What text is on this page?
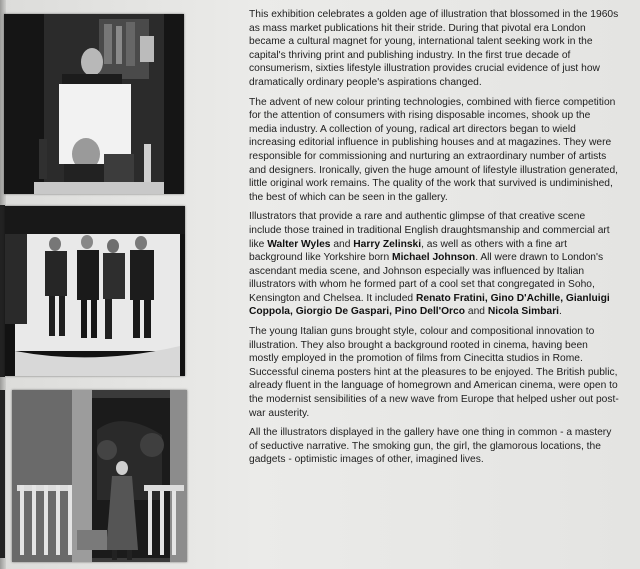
This exhibition celebrates a golden age of illustration that blossomed in the 1960s as mass market publications hit their stride. During that pivotal era London became a cultural magnet for young, international talent seeking work in the capital's thriving print and publishing industry. In the first true decade of consumerism, sixties lifestyle illustration provides crucial evidence of just how dramatically ordinary people's aspirations changed.

The advent of new colour printing technologies, combined with fierce competition for the attention of consumers with rising disposable incomes, shook up the media industry. A collection of young, radical art directors began to wield increasing editorial influence in publishing houses and at magazines. They were responsible for commissioning and nurturing an extraordinary number of artists and designers. Ironically, given the huge amount of lifestyle illustration generated, little original work remains. The quality of the work that survived is undiminished, the best of which can be seen in the gallery.

Illustrators that provide a rare and authentic glimpse of that creative scene include those trained in traditional English draughtsmanship and commercial art like Walter Wyles and Harry Zelinski, as well as others with a fine art background like Yorkshire born Michael Johnson. All were drawn to London's ascendant media scene, and Johnson especially was influenced by Italian illustrators with whom he formed part of a cool set that congregated in Soho, Kensington and Chelsea. It included Renato Fratini, Gino D'Achille, Gianluigi Coppola, Giorgio De Gaspari, Pino Dell'Orco and Nicola Simbari.

The young Italian guns brought style, colour and compositional innovation to illustration. They also brought a background rooted in cinema, having been mostly employed in the promotion of films from Cinecitta studios in Rome. Successful cinema posters hint at the pleasures to be enjoyed. The British public, already fluent in the language of homegrown and American cinema, were open to the modernist sensibilities of a new wave from Europe that helped usher out post-war austerity.

All the illustrators displayed in the gallery have one thing in common - a mastery of seductive narrative. The smoking gun, the girl, the glamorous locations, the gadgets - optimistic images of other, imagined lives.
